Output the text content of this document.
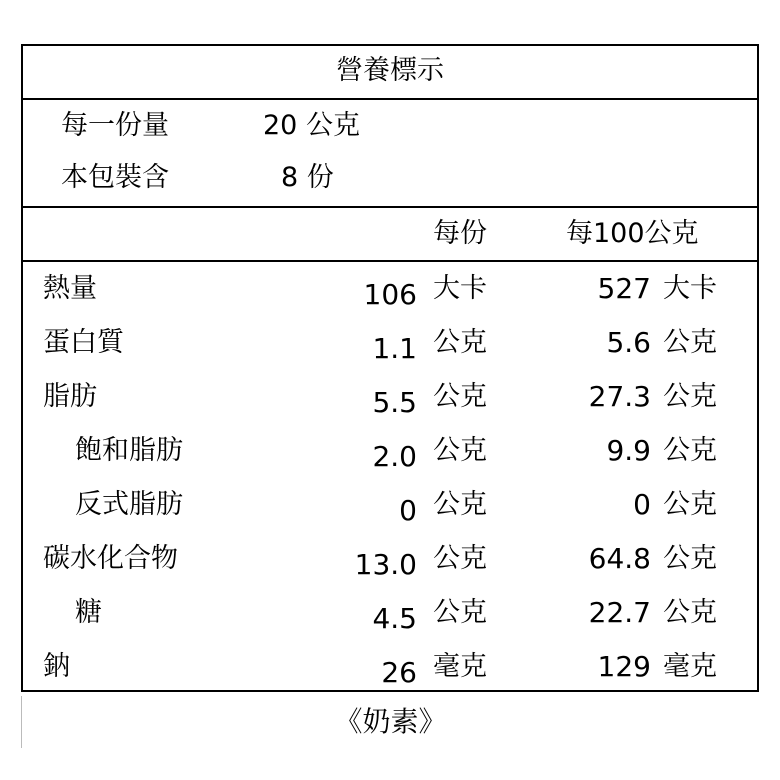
營養標示
每一份量	20 公克
本包裝含	8 份
每份	每100公克
熱量	106 大卡	527 大卡
蛋白質	1.1 公克	5.6 公克
脂肪	5.5 公克	27.3 公克
飽和脂肪	2.0 公克	9.9 公克
反式脂肪	0 公克	0 公克
碳水化合物	13.0 公克	64.8 公克
糖	4.5 公克	22.7 公克
鈉	26 毫克	129 毫克
《奶素》
